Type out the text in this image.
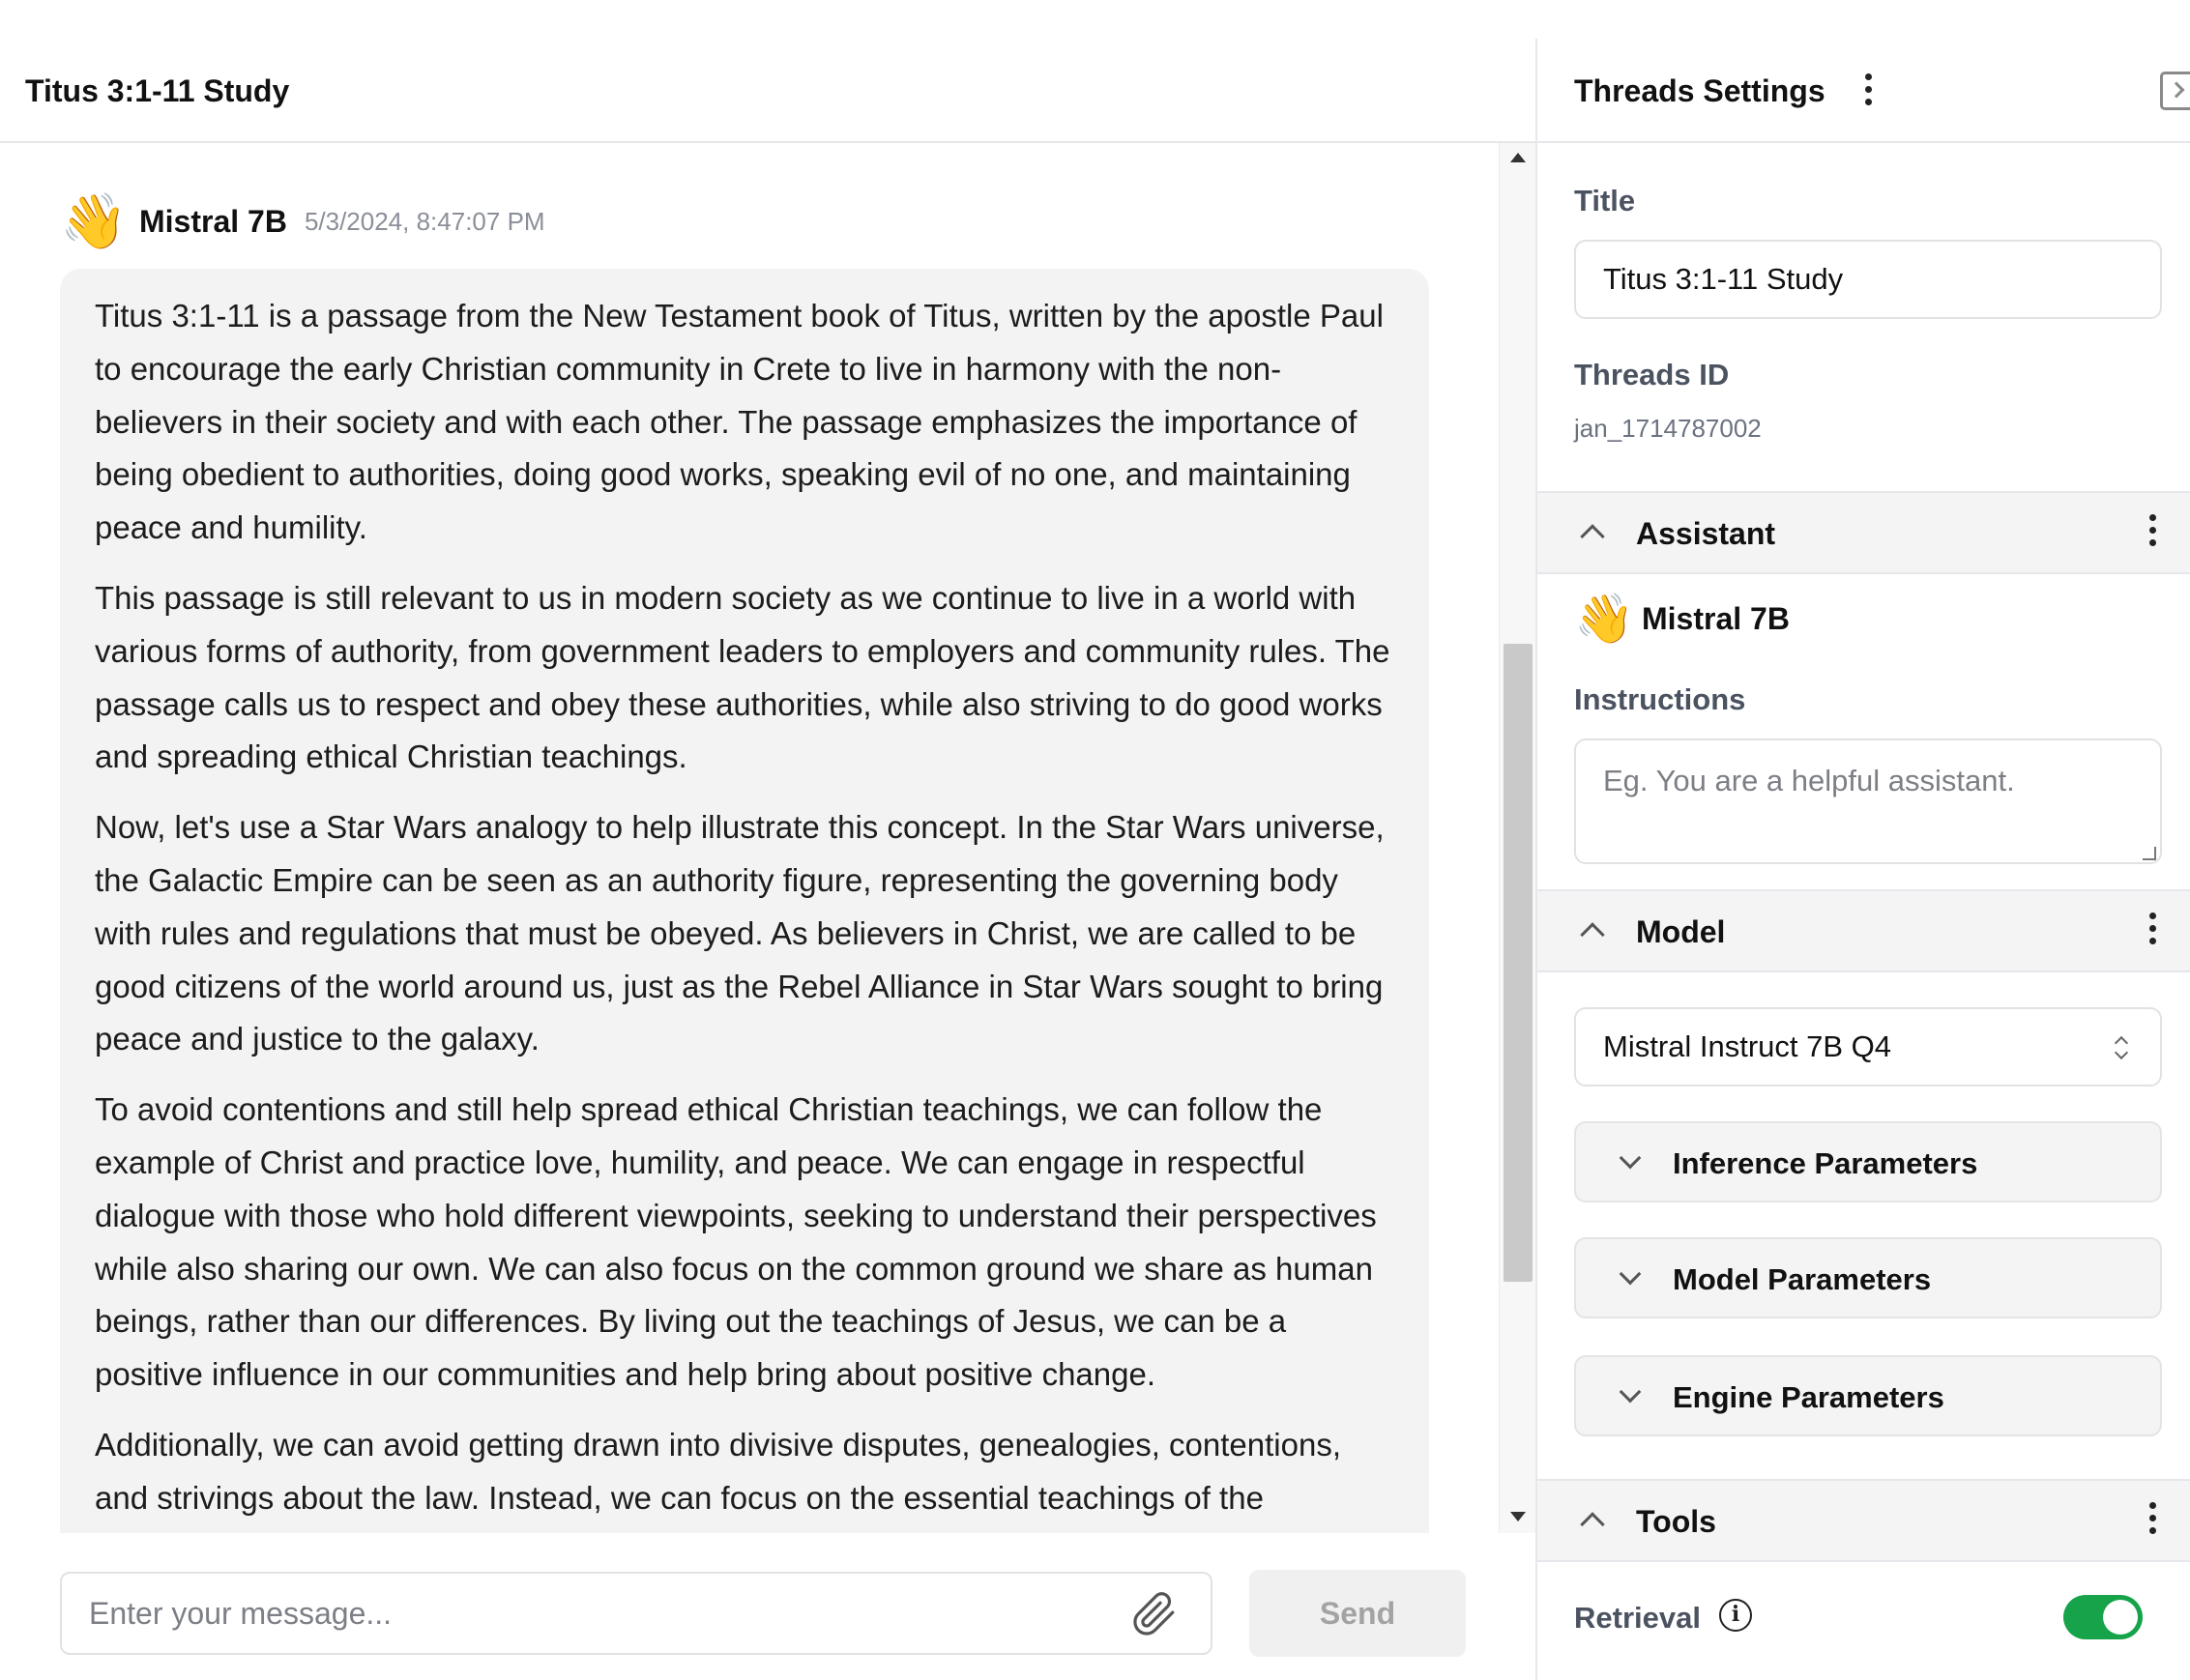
Titus 3:1-11 Study
👋 Mistral 7B 5/3/2024, 8:47:07 PM

Titus 3:1-11 is a passage from the New Testament book of Titus, written by the apostle Paul to encourage the early Christian community in Crete to live in harmony with the non-believers in their society and with each other. The passage emphasizes the importance of being obedient to authorities, doing good works, speaking evil of no one, and maintaining peace and humility.

This passage is still relevant to us in modern society as we continue to live in a world with various forms of authority, from government leaders to employers and community rules. The passage calls us to respect and obey these authorities, while also striving to do good works and spreading ethical Christian teachings.

Now, let's use a Star Wars analogy to help illustrate this concept. In the Star Wars universe, the Galactic Empire can be seen as an authority figure, representing the governing body with rules and regulations that must be obeyed. As believers in Christ, we are called to be good citizens of the world around us, just as the Rebel Alliance in Star Wars sought to bring peace and justice to the galaxy.

To avoid contentions and still help spread ethical Christian teachings, we can follow the example of Christ and practice love, humility, and peace. We can engage in respectful dialogue with those who hold different viewpoints, seeking to understand their perspectives while also sharing our own. We can also focus on the common ground we share as human beings, rather than our differences. By living out the teachings of Jesus, we can be a positive influence in our communities and help bring about positive change.

Additionally, we can avoid getting drawn into divisive disputes, genealogies, contentions, and strivings about the law. Instead, we can focus on the essential teachings of the

Enter your message...
Send
Threads Settings
Title
Titus 3:1-11 Study
Threads ID
jan_1714787002
Assistant
👋 Mistral 7B
Instructions
Eg. You are a helpful assistant.
Model
Mistral Instruct 7B Q4
Inference Parameters
Model Parameters
Engine Parameters
Tools
Retrieval	i
